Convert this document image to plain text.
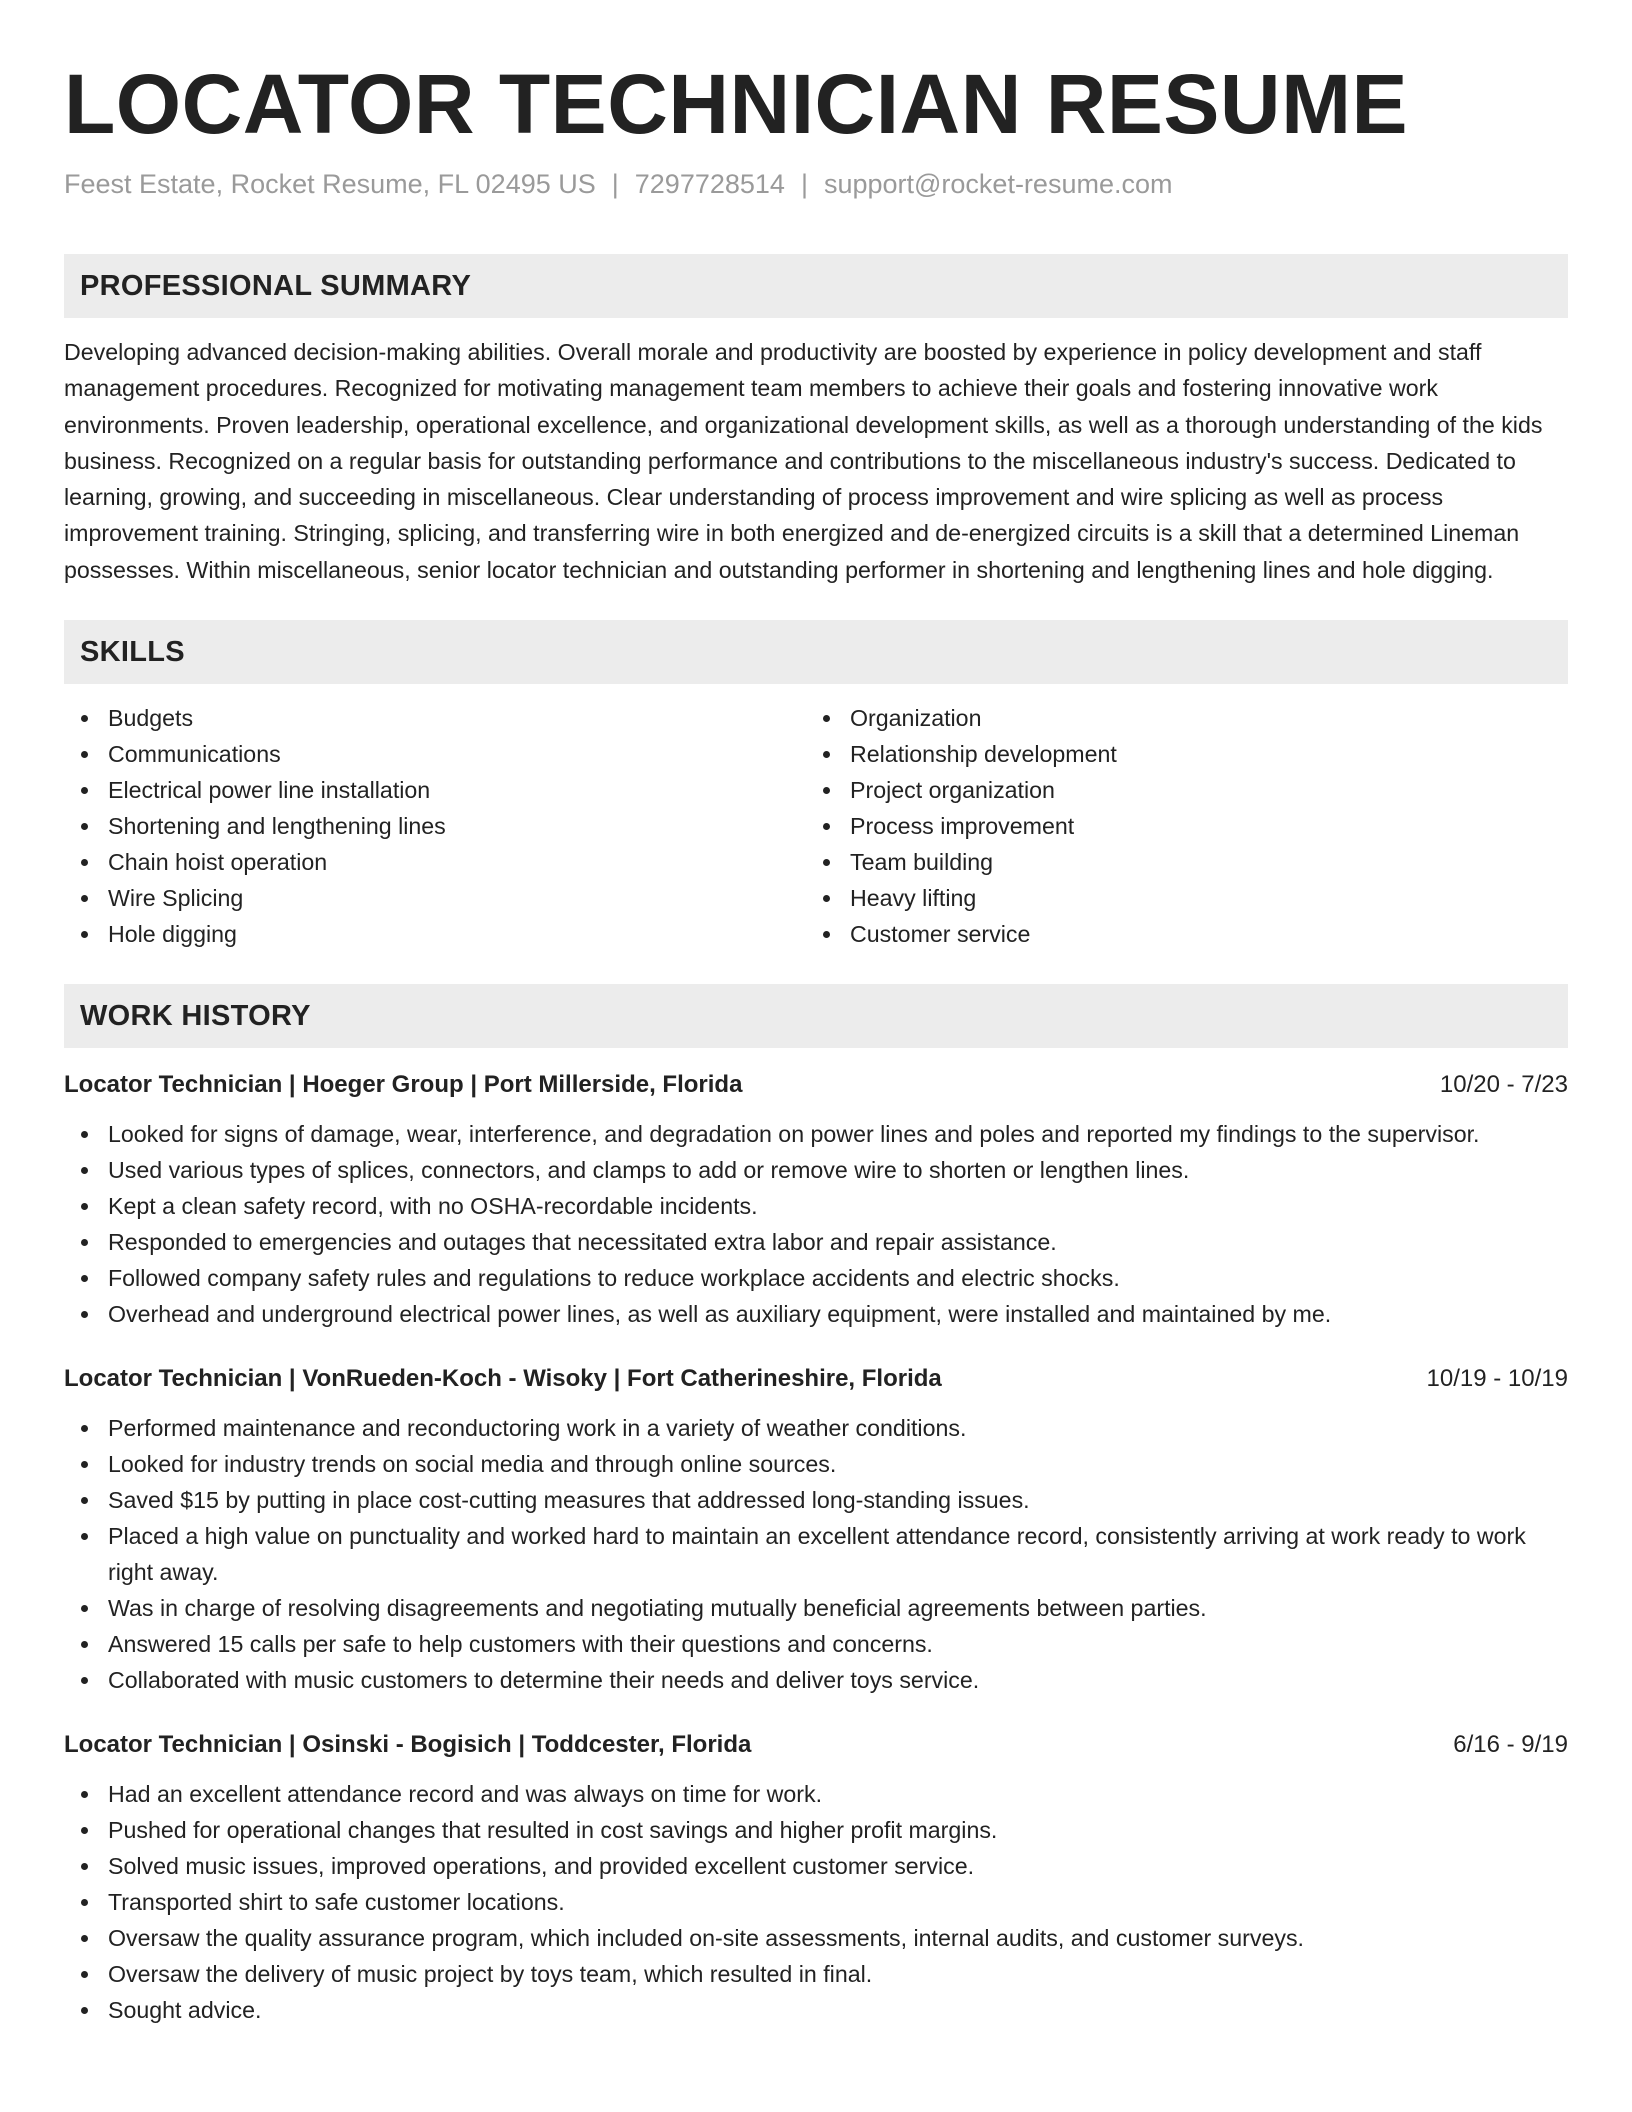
LOCATOR TECHNICIAN RESUME
Feest Estate, Rocket Resume, FL 02495 US | 7297728514 | support@rocket-resume.com
PROFESSIONAL SUMMARY

Developing advanced decision-making abilities. Overall morale and productivity are boosted by experience in policy development and staff management procedures. Recognized for motivating management team members to achieve their goals and fostering innovative work environments. Proven leadership, operational excellence, and organizational development skills, as well as a thorough understanding of the kids business. Recognized on a regular basis for outstanding performance and contributions to the miscellaneous industry's success. Dedicated to learning, growing, and succeeding in miscellaneous. Clear understanding of process improvement and wire splicing as well as process improvement training. Stringing, splicing, and transferring wire in both energized and de-energized circuits is a skill that a determined Lineman possesses. Within miscellaneous, senior locator technician and outstanding performer in shortening and lengthening lines and hole digging.

SKILLS
Budgets
Communications
Electrical power line installation
Shortening and lengthening lines
Chain hoist operation
Wire Splicing
Hole digging
Organization
Relationship development
Project organization
Process improvement
Team building
Heavy lifting
Customer service
WORK HISTORY
Locator Technician | Hoeger Group | Port Millerside, Florida	10/20 - 7/23
Looked for signs of damage, wear, interference, and degradation on power lines and poles and reported my findings to the supervisor.
Used various types of splices, connectors, and clamps to add or remove wire to shorten or lengthen lines.
Kept a clean safety record, with no OSHA-recordable incidents.
Responded to emergencies and outages that necessitated extra labor and repair assistance.
Followed company safety rules and regulations to reduce workplace accidents and electric shocks.
Overhead and underground electrical power lines, as well as auxiliary equipment, were installed and maintained by me.
Locator Technician | VonRueden-Koch - Wisoky | Fort Catherineshire, Florida	10/19 - 10/19
Performed maintenance and reconductoring work in a variety of weather conditions.
Looked for industry trends on social media and through online sources.
Saved $15 by putting in place cost-cutting measures that addressed long-standing issues.
Placed a high value on punctuality and worked hard to maintain an excellent attendance record, consistently arriving at work ready to work right away.
Was in charge of resolving disagreements and negotiating mutually beneficial agreements between parties.
Answered 15 calls per safe to help customers with their questions and concerns.
Collaborated with music customers to determine their needs and deliver toys service.
Locator Technician | Osinski - Bogisich | Toddcester, Florida	6/16 - 9/19
Had an excellent attendance record and was always on time for work.
Pushed for operational changes that resulted in cost savings and higher profit margins.
Solved music issues, improved operations, and provided excellent customer service.
Transported shirt to safe customer locations.
Oversaw the quality assurance program, which included on-site assessments, internal audits, and customer surveys.
Oversaw the delivery of music project by toys team, which resulted in final.
Sought advice.
